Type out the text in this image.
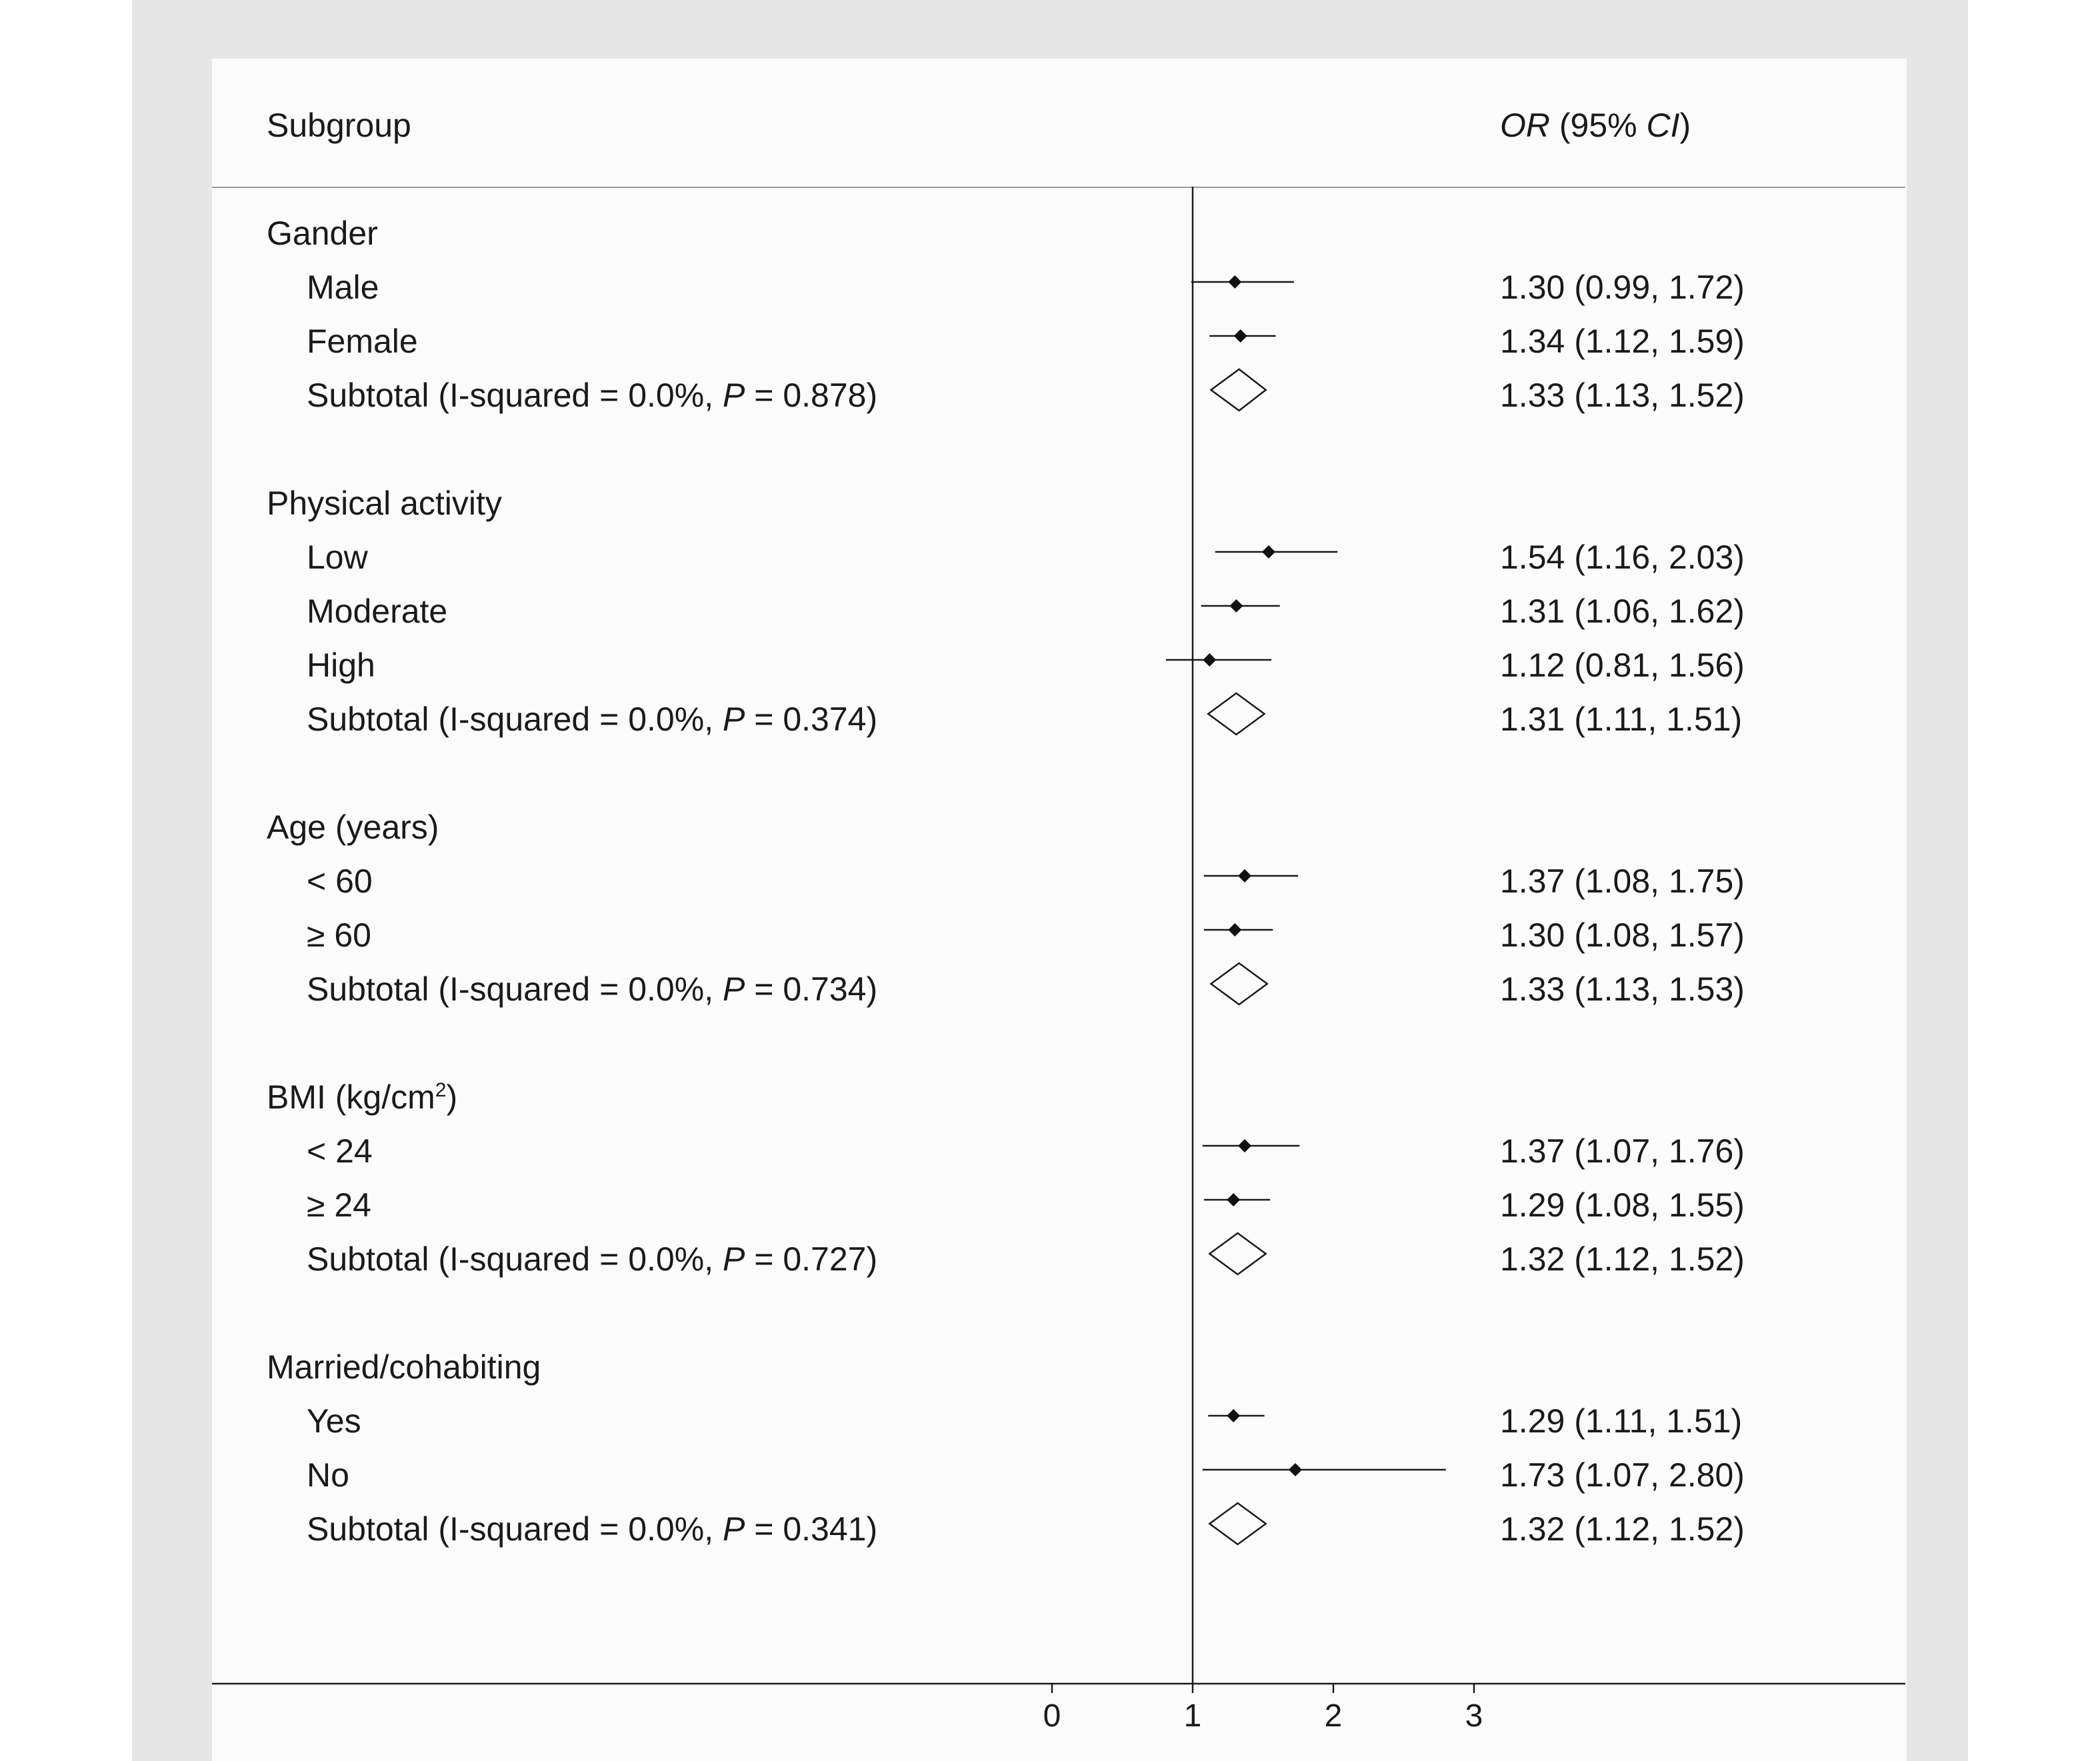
Subgroup	OR (95% CI)
Gander
Male	1.30 (0.99, 1.72)
Female	1.34 (1.12, 1.59)
Subtotal (I-squared = 0.0%, P = 0.878)	1.33 (1.13, 1.52)
Physical activity
Low	1.54 (1.16, 2.03)
Moderate	1.31 (1.06, 1.62)
High	1.12 (0.81, 1.56)
Subtotal (I-squared = 0.0%, P = 0.374)	1.31 (1.11, 1.51)
Age (years)
< 60	1.37 (1.08, 1.75)
≥ 60	1.30 (1.08, 1.57)
Subtotal (I-squared = 0.0%, P = 0.734)	1.33 (1.13, 1.53)
BMI $(kg/cm^2)$
< 24	1.37 (1.07, 1.76)
≥ 24	1.29 (1.08, 1.55)
Subtotal (I-squared = 0.0%, P = 0.727)	1.32 (1.12, 1.52)
Married/cohabiting
Yes	1.29 (1.11, 1.51)
No	1.73 (1.07, 2.80)
Subtotal (I-squared = 0.0%, P = 0.341)	1.32 (1.12, 1.52)
0	1	2	3
